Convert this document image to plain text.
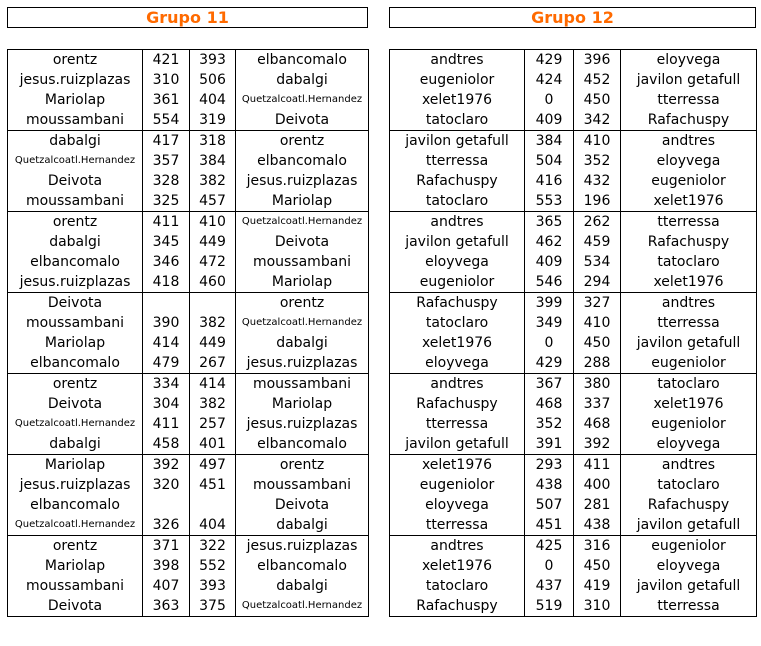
Grupo 11	Grupo 12
orentz	421	393	elbancomalo
jesus.ruizplazas	310	506	dabalgi
Mariolap	361	404	Quetzalcoatl.Hernandez
moussambani	554	319	Deivota
dabalgi	417	318	orentz
Quetzalcoatl.Hernandez	357	384	elbancomalo
Deivota	328	382	jesus.ruizplazas
moussambani	325	457	Mariolap
orentz	411	410	Quetzalcoatl.Hernandez
dabalgi	345	449	Deivota
elbancomalo	346	472	moussambani
jesus.ruizplazas	418	460	Mariolap
Deivota			orentz
moussambani	390	382	Quetzalcoatl.Hernandez
Mariolap	414	449	dabalgi
elbancomalo	479	267	jesus.ruizplazas
orentz	334	414	moussambani
Deivota	304	382	Mariolap
Quetzalcoatl.Hernandez	411	257	jesus.ruizplazas
dabalgi	458	401	elbancomalo
Mariolap	392	497	orentz
jesus.ruizplazas	320	451	moussambani
elbancomalo			Deivota
Quetzalcoatl.Hernandez	326	404	dabalgi
orentz	371	322	jesus.ruizplazas
Mariolap	398	552	elbancomalo
moussambani	407	393	dabalgi
Deivota	363	375	Quetzalcoatl.Hernandez
andtres	429	396	eloyvega
eugeniolor	424	452	javilon getafull
xelet1976	0	450	tterressa
tatoclaro	409	342	Rafachuspy
javilon getafull	384	410	andtres
tterressa	504	352	eloyvega
Rafachuspy	416	432	eugeniolor
tatoclaro	553	196	xelet1976
andtres	365	262	tterressa
javilon getafull	462	459	Rafachuspy
eloyvega	409	534	tatoclaro
eugeniolor	546	294	xelet1976
Rafachuspy	399	327	andtres
tatoclaro	349	410	tterressa
xelet1976	0	450	javilon getafull
eloyvega	429	288	eugeniolor
andtres	367	380	tatoclaro
Rafachuspy	468	337	xelet1976
tterressa	352	468	eugeniolor
javilon getafull	391	392	eloyvega
xelet1976	293	411	andtres
eugeniolor	438	400	tatoclaro
eloyvega	507	281	Rafachuspy
tterressa	451	438	javilon getafull
andtres	425	316	eugeniolor
xelet1976	0	450	eloyvega
tatoclaro	437	419	javilon getafull
Rafachuspy	519	310	tterressa
